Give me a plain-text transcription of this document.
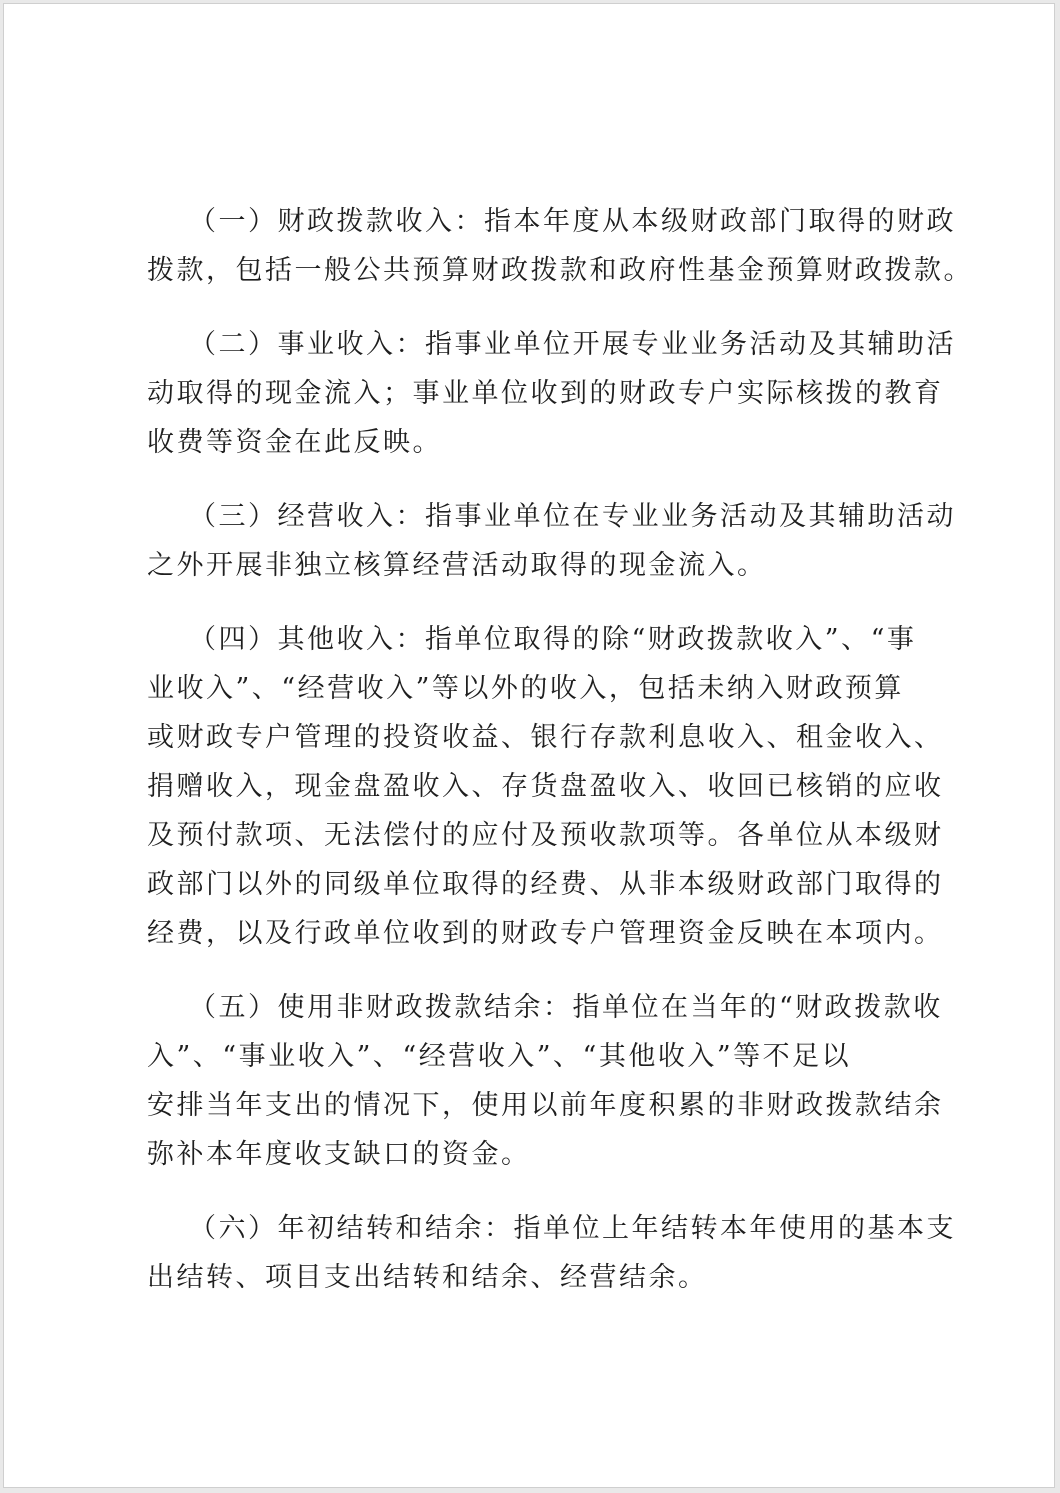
（一）财政拨款收入：指本年度从本级财政部门取得的财政
拨款，包括一般公共预算财政拨款和政府性基金预算财政拨款。
（二）事业收入：指事业单位开展专业业务活动及其辅助活
动取得的现金流入；事业单位收到的财政专户实际核拨的教育
收费等资金在此反映。
（三）经营收入：指事业单位在专业业务活动及其辅助活动
之外开展非独立核算经营活动取得的现金流入。
（四）其他收入：指单位取得的除“财政拨款收入”、“事
业收入”、“经营收入”等以外的收入，包括未纳入财政预算
或财政专户管理的投资收益、银行存款利息收入、租金收入、
捐赠收入，现金盘盈收入、存货盘盈收入、收回已核销的应收
及预付款项、无法偿付的应付及预收款项等。各单位从本级财
政部门以外的同级单位取得的经费、从非本级财政部门取得的
经费，以及行政单位收到的财政专户管理资金反映在本项内。
（五）使用非财政拨款结余：指单位在当年的“财政拨款收
入”、“事业收入”、“经营收入”、“其他收入”等不足以
安排当年支出的情况下，使用以前年度积累的非财政拨款结余
弥补本年度收支缺口的资金。
（六）年初结转和结余：指单位上年结转本年使用的基本支
出结转、项目支出结转和结余、经营结余。
